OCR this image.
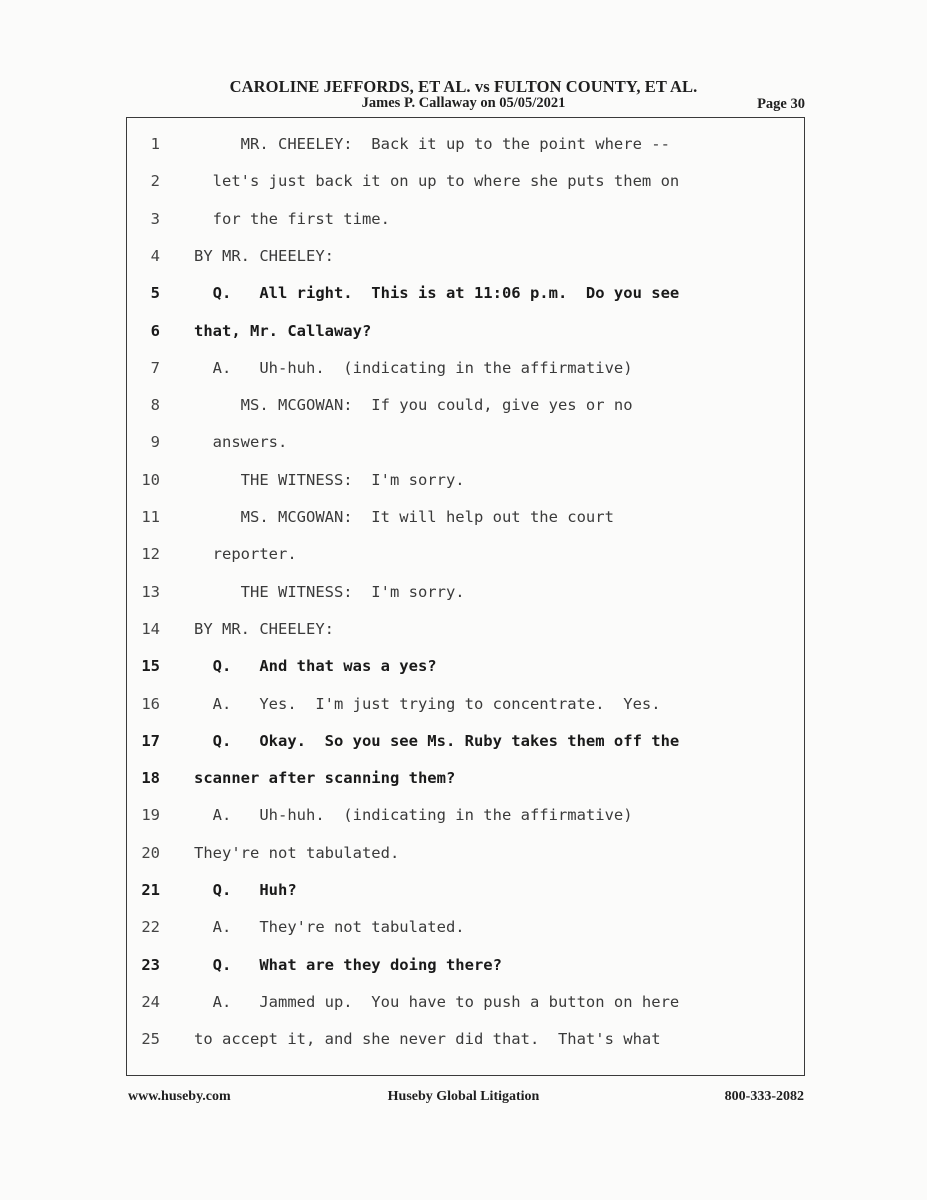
CAROLINE JEFFORDS, ET AL. vs FULTON COUNTY, ET AL.
James P. Callaway on 05/05/2021	Page 30
1 MR. CHEELEY:  Back it up to the point where --
2 let's just back it on up to where she puts them on
3 for the first time.
4 BY MR. CHEELEY:
5 Q.   All right.  This is at 11:06 p.m.  Do you see
6 that, Mr. Callaway?
7 A.   Uh-huh.  (indicating in the affirmative)
8 MS. MCGOWAN:  If you could, give yes or no
9 answers.
10 THE WITNESS:  I'm sorry.
11 MS. MCGOWAN:  It will help out the court
12 reporter.
13 THE WITNESS:  I'm sorry.
14 BY MR. CHEELEY:
15 Q.   And that was a yes?
16 A.   Yes.  I'm just trying to concentrate.  Yes.
17 Q.   Okay.  So you see Ms. Ruby takes them off the
18 scanner after scanning them?
19 A.   Uh-huh.  (indicating in the affirmative)
20 They're not tabulated.
21 Q.   Huh?
22 A.   They're not tabulated.
23 Q.   What are they doing there?
24 A.   Jammed up.  You have to push a button on here
25 to accept it, and she never did that.  That's what
www.huseby.com	Huseby Global Litigation	800-333-2082
